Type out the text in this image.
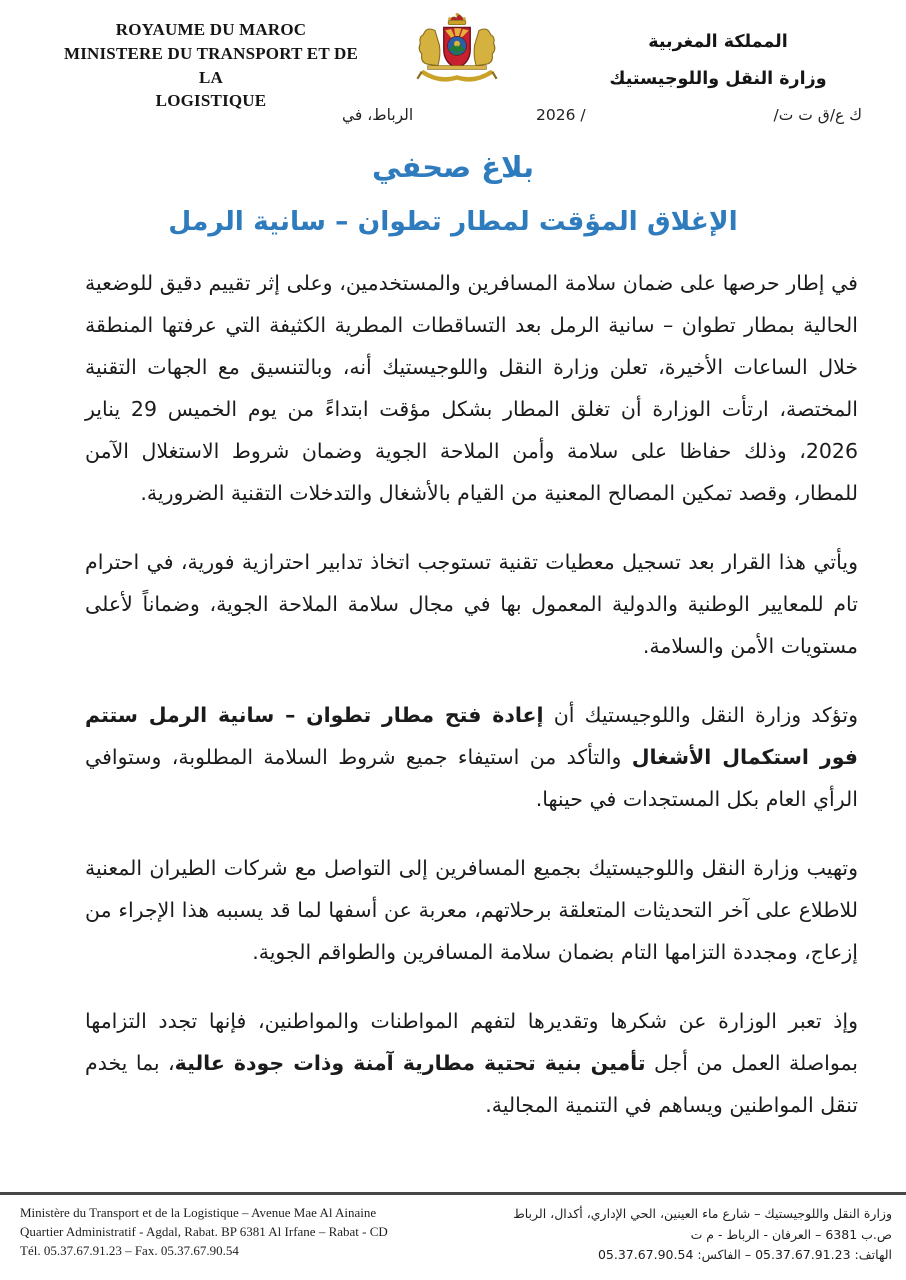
ROYAUME DU MAROC
MINISTERE DU TRANSPORT ET DE LA
LOGISTIQUE
المملكة المغربية
وزارة النقل واللوجيستيك
ك ع/ق ت ت/
2026 /
الرباط، في
بلاغ صحفي
الإغلاق المؤقت لمطار تطوان – سانية الرمل

في إطار حرصها على ضمان سلامة المسافرين والمستخدمين، وعلى إثر تقييم دقيق للوضعية الحالية بمطار تطوان – سانية الرمل بعد التساقطات المطرية الكثيفة التي عرفتها المنطقة خلال الساعات الأخيرة، تعلن وزارة النقل واللوجيستيك أنه، وبالتنسيق مع الجهات التقنية المختصة، ارتأت الوزارة أن تغلق المطار بشكل مؤقت ابتداءً من يوم الخميس 29 يناير 2026، وذلك حفاظا على سلامة وأمن الملاحة الجوية وضمان شروط الاستغلال الآمن للمطار، وقصد تمكين المصالح المعنية من القيام بالأشغال والتدخلات التقنية الضرورية.

ويأتي هذا القرار بعد تسجيل معطيات تقنية تستوجب اتخاذ تدابير احترازية فورية، في احترام تام للمعايير الوطنية والدولية المعمول بها في مجال سلامة الملاحة الجوية، وضماناً لأعلى مستويات الأمن والسلامة.

وتؤكد وزارة النقل واللوجيستيك أن إعادة فتح مطار تطوان – سانية الرمل ستتم فور استكمال الأشغال والتأكد من استيفاء جميع شروط السلامة المطلوبة، وستوافي الرأي العام بكل المستجدات في حينها.

وتهيب وزارة النقل واللوجيستيك بجميع المسافرين إلى التواصل مع شركات الطيران المعنية للاطلاع على آخر التحديثات المتعلقة برحلاتهم، معربة عن أسفها لما قد يسببه هذا الإجراء من إزعاج، ومجددة التزامها التام بضمان سلامة المسافرين والطواقم الجوية.

وإذ تعبر الوزارة عن شكرها وتقديرها لتفهم المواطنات والمواطنين، فإنها تجدد التزامها بمواصلة العمل من أجل تأمين بنية تحتية مطارية آمنة وذات جودة عالية، بما يخدم تنقل المواطنين ويساهم في التنمية المجالية.

Ministère du Transport et de la Logistique – Avenue Mae Al Ainaine
Quartier Administratif - Agdal, Rabat. BP 6381 Al Irfane – Rabat - CD
Tél. 05.37.67.91.23 – Fax. 05.37.67.90.54
وزارة النقل واللوجيستيك – شارع ماء العينين، الحي الإداري، أكدال، الرباط
ص.ب 6381 – العرفان - الرباط - م ت
الهاتف: 05.37.67.91.23 – الفاكس: 05.37.67.90.54
